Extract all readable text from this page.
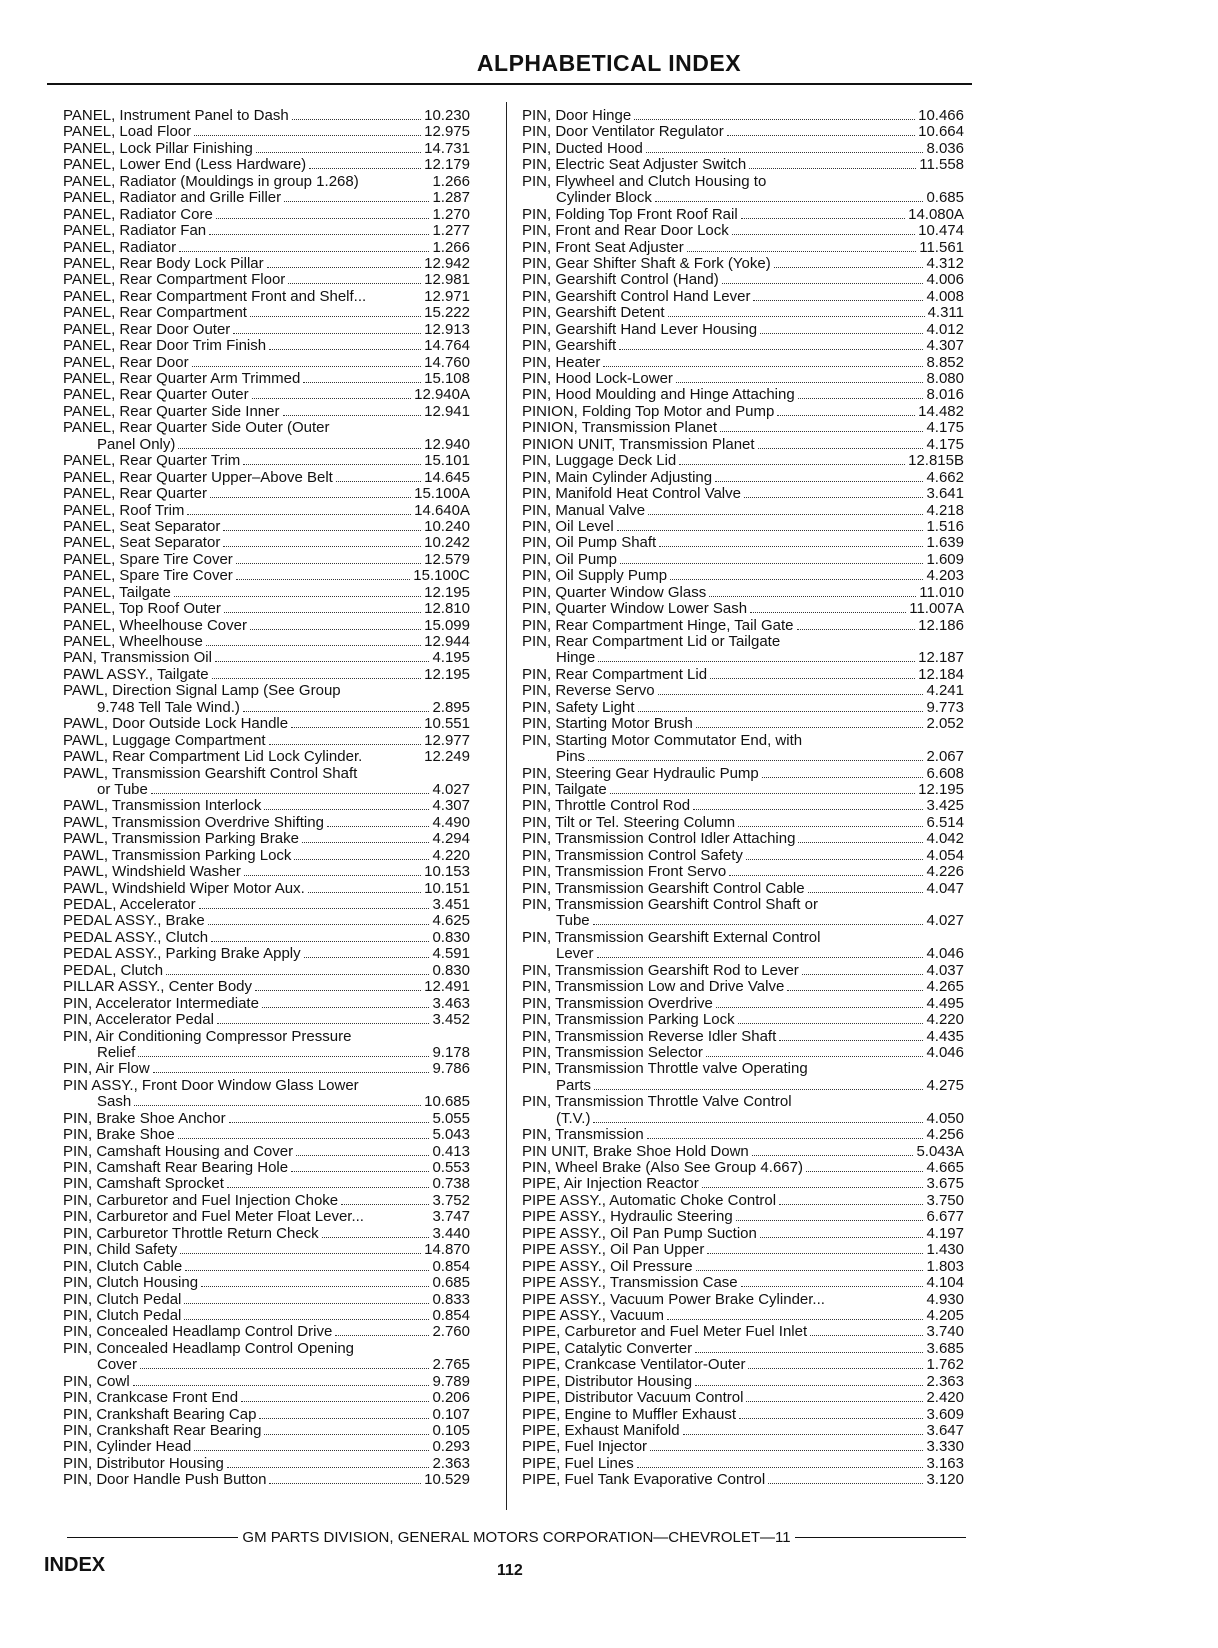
ALPHABETICAL INDEX
PANEL, Instrument Panel to Dash	10.230
PANEL, Load Floor	12.975
PANEL, Lock Pillar Finishing	14.731
PANEL, Lower End (Less Hardware)	12.179
PANEL, Radiator (Mouldings in group 1.268)	1.266
PANEL, Radiator and Grille Filler	1.287
PANEL, Radiator Core	1.270
PANEL, Radiator Fan	1.277
PANEL, Radiator	1.266
PANEL, Rear Body Lock Pillar	12.942
PANEL, Rear Compartment Floor	12.981
PANEL, Rear Compartment Front and Shelf...	12.971
PANEL, Rear Compartment	15.222
PANEL, Rear Door Outer	12.913
PANEL, Rear Door Trim Finish	14.764
PANEL, Rear Door	14.760
PANEL, Rear Quarter Arm Trimmed	15.108
PANEL, Rear Quarter Outer	12.940A
PANEL, Rear Quarter Side Inner	12.941
PANEL, Rear Quarter Side Outer (Outer
Panel Only)	12.940
PANEL, Rear Quarter Trim	15.101
PANEL, Rear Quarter Upper–Above Belt	14.645
PANEL, Rear Quarter	15.100A
PANEL, Roof Trim	14.640A
PANEL, Seat Separator	10.240
PANEL, Seat Separator	10.242
PANEL, Spare Tire Cover	12.579
PANEL, Spare Tire Cover	15.100C
PANEL, Tailgate	12.195
PANEL, Top Roof Outer	12.810
PANEL, Wheelhouse Cover	15.099
PANEL, Wheelhouse	12.944
PAN, Transmission Oil	4.195
PAWL ASSY., Tailgate	12.195
PAWL, Direction Signal Lamp (See Group
9.748 Tell Tale Wind.)	2.895
PAWL, Door Outside Lock Handle	10.551
PAWL, Luggage Compartment	12.977
PAWL, Rear Compartment Lid Lock Cylinder.	12.249
PAWL, Transmission Gearshift Control Shaft
or Tube	4.027
PAWL, Transmission Interlock	4.307
PAWL, Transmission Overdrive Shifting	4.490
PAWL, Transmission Parking Brake	4.294
PAWL, Transmission Parking Lock	4.220
PAWL, Windshield Washer	10.153
PAWL, Windshield Wiper Motor Aux.	10.151
PEDAL, Accelerator	3.451
PEDAL ASSY., Brake	4.625
PEDAL ASSY., Clutch	0.830
PEDAL ASSY., Parking Brake Apply	4.591
PEDAL, Clutch	0.830
PILLAR ASSY., Center Body	12.491
PIN, Accelerator Intermediate	3.463
PIN, Accelerator Pedal	3.452
PIN, Air Conditioning Compressor Pressure
Relief	9.178
PIN, Air Flow	9.786
PIN ASSY., Front Door Window Glass Lower
Sash	10.685
PIN, Brake Shoe Anchor	5.055
PIN, Brake Shoe	5.043
PIN, Camshaft Housing and Cover	0.413
PIN, Camshaft Rear Bearing Hole	0.553
PIN, Camshaft Sprocket	0.738
PIN, Carburetor and Fuel Injection Choke	3.752
PIN, Carburetor and Fuel Meter Float Lever...	3.747
PIN, Carburetor Throttle Return Check	3.440
PIN, Child Safety	14.870
PIN, Clutch Cable	0.854
PIN, Clutch Housing	0.685
PIN, Clutch Pedal	0.833
PIN, Clutch Pedal	0.854
PIN, Concealed Headlamp Control Drive	2.760
PIN, Concealed Headlamp Control Opening
Cover	2.765
PIN, Cowl	9.789
PIN, Crankcase Front End	0.206
PIN, Crankshaft Bearing Cap	0.107
PIN, Crankshaft Rear Bearing	0.105
PIN, Cylinder Head	0.293
PIN, Distributor Housing	2.363
PIN, Door Handle Push Button	10.529
PIN, Door Hinge	10.466
PIN, Door Ventilator Regulator	10.664
PIN, Ducted Hood	8.036
PIN, Electric Seat Adjuster Switch	11.558
PIN, Flywheel and Clutch Housing to
Cylinder Block	0.685
PIN, Folding Top Front Roof Rail	14.080A
PIN, Front and Rear Door Lock	10.474
PIN, Front Seat Adjuster	11.561
PIN, Gear Shifter Shaft & Fork (Yoke)	4.312
PIN, Gearshift Control (Hand)	4.006
PIN, Gearshift Control Hand Lever	4.008
PIN, Gearshift Detent	4.311
PIN, Gearshift Hand Lever Housing	4.012
PIN, Gearshift	4.307
PIN, Heater	8.852
PIN, Hood Lock-Lower	8.080
PIN, Hood Moulding and Hinge Attaching	8.016
PINION, Folding Top Motor and Pump	14.482
PINION, Transmission Planet	4.175
PINION UNIT, Transmission Planet	4.175
PIN, Luggage Deck Lid	12.815B
PIN, Main Cylinder Adjusting	4.662
PIN, Manifold Heat Control Valve	3.641
PIN, Manual Valve	4.218
PIN, Oil Level	1.516
PIN, Oil Pump Shaft	1.639
PIN, Oil Pump	1.609
PIN, Oil Supply Pump	4.203
PIN, Quarter Window Glass	11.010
PIN, Quarter Window Lower Sash	11.007A
PIN, Rear Compartment Hinge, Tail Gate	12.186
PIN, Rear Compartment Lid or Tailgate
Hinge	12.187
PIN, Rear Compartment Lid	12.184
PIN, Reverse Servo	4.241
PIN, Safety Light	9.773
PIN, Starting Motor Brush	2.052
PIN, Starting Motor Commutator End, with
Pins	2.067
PIN, Steering Gear Hydraulic Pump	6.608
PIN, Tailgate	12.195
PIN, Throttle Control Rod	3.425
PIN, Tilt or Tel. Steering Column	6.514
PIN, Transmission Control Idler Attaching	4.042
PIN, Transmission Control Safety	4.054
PIN, Transmission Front Servo	4.226
PIN, Transmission Gearshift Control Cable	4.047
PIN, Transmission Gearshift Control Shaft or
Tube	4.027
PIN, Transmission Gearshift External Control
Lever	4.046
PIN, Transmission Gearshift Rod to Lever	4.037
PIN, Transmission Low and Drive Valve	4.265
PIN, Transmission Overdrive	4.495
PIN, Transmission Parking Lock	4.220
PIN, Transmission Reverse Idler Shaft	4.435
PIN, Transmission Selector	4.046
PIN, Transmission Throttle valve Operating
Parts	4.275
PIN, Transmission Throttle Valve Control
(T.V.)	4.050
PIN, Transmission	4.256
PIN UNIT, Brake Shoe Hold Down	5.043A
PIN, Wheel Brake (Also See Group 4.667)	4.665
PIPE, Air Injection Reactor	3.675
PIPE ASSY., Automatic Choke Control	3.750
PIPE ASSY., Hydraulic Steering	6.677
PIPE ASSY., Oil Pan Pump Suction	4.197
PIPE ASSY., Oil Pan Upper	1.430
PIPE ASSY., Oil Pressure	1.803
PIPE ASSY., Transmission Case	4.104
PIPE ASSY., Vacuum Power Brake Cylinder...	4.930
PIPE ASSY., Vacuum	4.205
PIPE, Carburetor and Fuel Meter Fuel Inlet	3.740
PIPE, Catalytic Converter	3.685
PIPE, Crankcase Ventilator-Outer	1.762
PIPE, Distributor Housing	2.363
PIPE, Distributor Vacuum Control	2.420
PIPE, Engine to Muffler Exhaust	3.609
PIPE, Exhaust Manifold	3.647
PIPE, Fuel Injector	3.330
PIPE, Fuel Lines	3.163
PIPE, Fuel Tank Evaporative Control	3.120
GM PARTS DIVISION, GENERAL MOTORS CORPORATION—CHEVROLET—11
INDEX	112
